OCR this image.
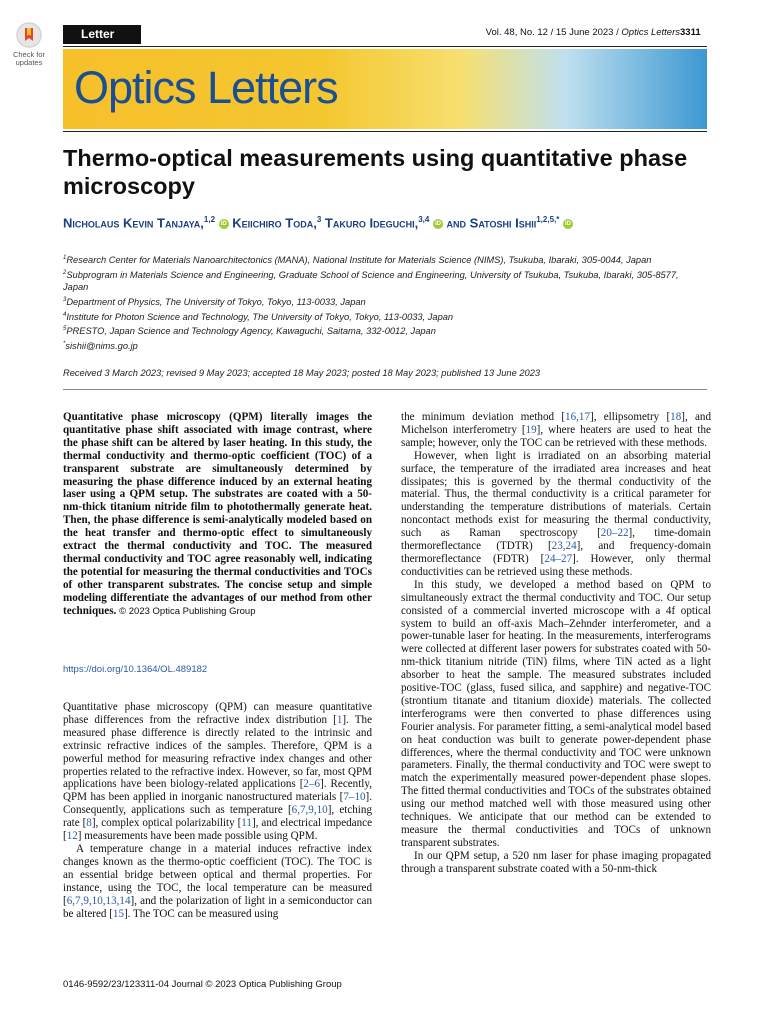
Check for
updates
Letter	Vol. 48, No. 12 / 15 June 2023 / Optics Letters 3311
Optics Letters
Thermo-optical measurements using quantitative phase microscopy
Nicholaus Kevin Tanjaya,$^{1,2}$ iD Keiichiro Toda,$^3$ Takuro Ideguchi,$^{3,4}$ iD and Satoshi Ishii$^{1,2,5,*}$ iD
$^1$Research Center for Materials Nanoarchitectonics (MANA), National Institute for Materials Science (NIMS), Tsukuba, Ibaraki, 305-0044, Japan
$^2$Subprogram in Materials Science and Engineering, Graduate School of Science and Engineering, University of Tsukuba, Tsukuba, Ibaraki, 305-8577, Japan
$^3$Department of Physics, The University of Tokyo, Tokyo, 113-0033, Japan
$^4$Institute for Photon Science and Technology, The University of Tokyo, Tokyo, 113-0033, Japan
$^5$PRESTO, Japan Science and Technology Agency, Kawaguchi, Saitama, 332-0012, Japan
*sishii@nims.go.jp
Received 3 March 2023; revised 9 May 2023; accepted 18 May 2023; posted 18 May 2023; published 13 June 2023
Quantitative phase microscopy (QPM) literally images the quantitative phase shift associated with image contrast, where the phase shift can be altered by laser heating. In this study, the thermal conductivity and thermo-optic coefficient (TOC) of a transparent substrate are simultaneously determined by measuring the phase difference induced by an external heating laser using a QPM setup. The substrates are coated with a 50-nm-thick titanium nitride film to photothermally generate heat. Then, the phase difference is semi-analytically modeled based on the heat transfer and thermo-optic effect to simultaneously extract the thermal conductivity and TOC. The measured thermal conductivity and TOC agree reasonably well, indicating the potential for measuring the thermal conductivities and TOCs of other transparent substrates. The concise setup and simple modeling differentiate the advantages of our method from other techniques. © 2023 Optica Publishing Group
https://doi.org/10.1364/OL.489182

Quantitative phase microscopy (QPM) can measure quantitative phase differences from the refractive index distribution [1]. The measured phase difference is directly related to the intrinsic and extrinsic refractive indices of the samples. Therefore, QPM is a powerful method for measuring refractive index changes and other properties related to the refractive index. However, so far, most QPM applications have been biology-related applications [2–6]. Recently, QPM has been applied in inorganic nanostructured materials [7–10]. Consequently, applications such as temperature [6,7,9,10], etching rate [8], complex optical polarizability [11], and electrical impedance [12] measurements have been made possible using QPM.

A temperature change in a material induces refractive index changes known as the thermo-optic coefficient (TOC). The TOC is an essential bridge between optical and thermal properties. For instance, using the TOC, the local temperature can be measured [6,7,9,10,13,14], and the polarization of light in a semiconductor can be altered [15]. The TOC can be measured using

the minimum deviation method [16,17], ellipsometry [18], and Michelson interferometry [19], where heaters are used to heat the sample; however, only the TOC can be retrieved with these methods.

However, when light is irradiated on an absorbing material surface, the temperature of the irradiated area increases and heat dissipates; this is governed by the thermal conductivity of the material. Thus, the thermal conductivity is a critical parameter for understanding the temperature distributions of materials. Certain noncontact methods exist for measuring the thermal conductivity, such as Raman spectroscopy [20–22], time-domain thermoreflectance (TDTR) [23,24], and frequency-domain thermoreflectance (FDTR) [24–27]. However, only thermal conductivities can be retrieved using these methods.

In this study, we developed a method based on QPM to simultaneously extract the thermal conductivity and TOC. Our setup consisted of a commercial inverted microscope with a 4f optical system to build an off-axis Mach–Zehnder interferometer, and a power-tunable laser for heating. In the measurements, interferograms were collected at different laser powers for substrates coated with 50-nm-thick titanium nitride (TiN) films, where TiN acted as a light absorber to heat the sample. The measured substrates included positive-TOC (glass, fused silica, and sapphire) and negative-TOC (strontium titanate and titanium dioxide) materials. The collected interferograms were then converted to phase differences using Fourier analysis. For parameter fitting, a semi-analytical model based on heat conduction was built to generate power-dependent phase differences, where the thermal conductivity and TOC were unknown parameters. Finally, the thermal conductivity and TOC were swept to match the experimentally measured power-dependent phase slopes. The fitted thermal conductivities and TOCs of the substrates obtained using our method matched well with those measured using other techniques. We anticipate that our method can be extended to measure the thermal conductivities and TOCs of unknown transparent substrates.

In our QPM setup, a 520 nm laser for phase imaging propagated through a transparent substrate coated with a 50-nm-thick

0146-9592/23/123311-04 Journal © 2023 Optica Publishing Group
